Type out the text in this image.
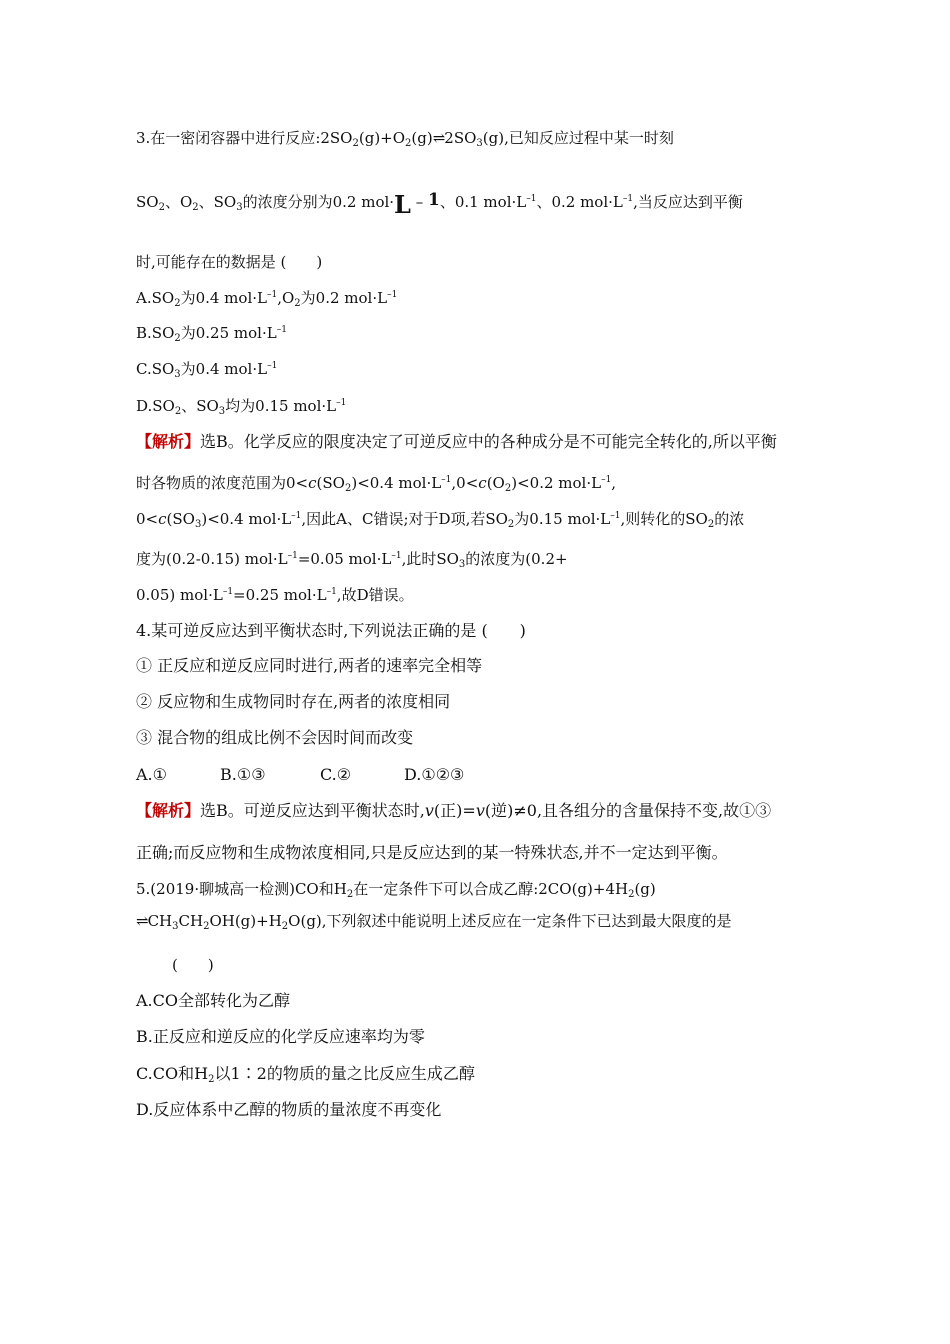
3.在一密闭容器中进行反应$:2SO_2(g)+O_2(g)\rightleftharpoons 2SO_3(g)$,已知反应过程中某一时刻
$SO_2$、$O_2$、$SO_3$的浓度分别为0.2 mol·L – 1、0.1 $mol\cdot L^{-1}$、0.2 $mol\cdot L^{-1}$,当反应达到平衡
时,可能存在的数据是 (　　)
$A.SO_2$为0.4 $mol\cdot L^{-1},O_2$为0.2 $mol\cdot L^{-1}$
$B.SO_2$为0.25 $mol\cdot L^{-1}$
$C.SO_3$为0.4 $mol\cdot L^{-1}$
$D.SO_2$、$SO_3$均为0.15 $mol\cdot L^{-1}$
【解析】选B。化学反应的限度决定了可逆反应中的各种成分是不可能完全转化的,所以平衡
时各物质的浓度范围为$0<c(SO_2)<0.4$ $mol\cdot L^{-1},0<c(O_2)<0.2$ $mol\cdot L^{-1}$,
$0<c(SO_3)<0.4$ $mol\cdot L^{-1}$,因此A、C错误;对于D项,若$SO_2$为0.15 $mol\cdot L^{-1}$,则转化的$SO_2$的浓
度为(0.2-0.15) $mol\cdot L^{-1}=0.05$ $mol\cdot L^{-1}$,此时$SO_3$的浓度为(0.2+
0.05) $mol\cdot L^{-1}=0.25$ $mol\cdot L^{-1}$,故D错误。
4.某可逆反应达到平衡状态时,下列说法正确的是 (　　)
① 正反应和逆反应同时进行,两者的速率完全相等
② 反应物和生成物同时存在,两者的浓度相同
③ 混合物的组成比例不会因时间而改变
A.①	B.①③	C.②	D.①②③
【解析】选B。可逆反应达到平衡状态时,v(正)=v(逆)≠0,且各组分的含量保持不变,故①③
正确;而反应物和生成物浓度相同,只是反应达到的某一特殊状态,并不一定达到平衡。
5.(2019·聊城高一检测)CO和$H_2$在一定条件下可以合成乙醇$:2CO(g)+4H_2(g)$
$\rightleftharpoons CH_3CH_2OH(g)+H_2O(g)$,下列叙述中能说明上述反应在一定条件下已达到最大限度的是
(　　)
A.CO全部转化为乙醇
B.正反应和逆反应的化学反应速率均为零
C.CO和$H_2$以1∶2的物质的量之比反应生成乙醇
D.反应体系中乙醇的物质的量浓度不再变化
